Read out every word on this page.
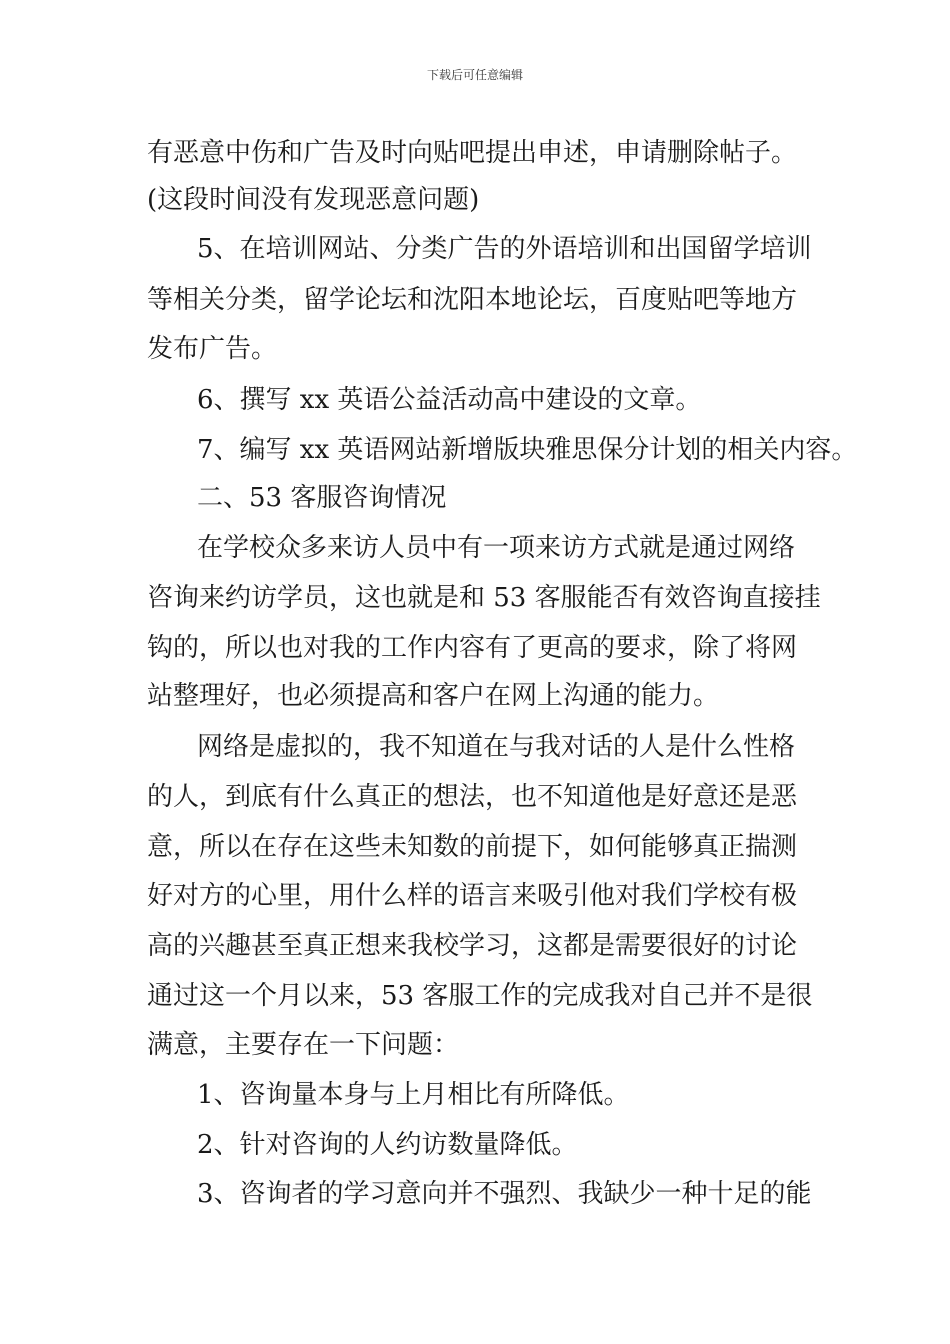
下载后可任意编辑
有恶意中伤和广告及时向贴吧提出申述，申请删除帖子。
(这段时间没有发现恶意问题)
5、在培训网站、分类广告的外语培训和出国留学培训
等相关分类，留学论坛和沈阳本地论坛，百度贴吧等地方
发布广告。
6、撰写 xx 英语公益活动高中建设的文章。
7、编写 xx 英语网站新增版块雅思保分计划的相关内容。
二、53 客服咨询情况
在学校众多来访人员中有一项来访方式就是通过网络
咨询来约访学员，这也就是和 53 客服能否有效咨询直接挂
钩的，所以也对我的工作内容有了更高的要求，除了将网
站整理好，也必须提高和客户在网上沟通的能力。
网络是虚拟的，我不知道在与我对话的人是什么性格
的人，到底有什么真正的想法，也不知道他是好意还是恶
意，所以在存在这些未知数的前提下，如何能够真正揣测
好对方的心里，用什么样的语言来吸引他对我们学校有极
高的兴趣甚至真正想来我校学习，这都是需要很好的讨论
通过这一个月以来，53 客服工作的完成我对自己并不是很
满意，主要存在一下问题：
1、咨询量本身与上月相比有所降低。
2、针对咨询的人约访数量降低。
3、咨询者的学习意向并不强烈、我缺少一种十足的能
